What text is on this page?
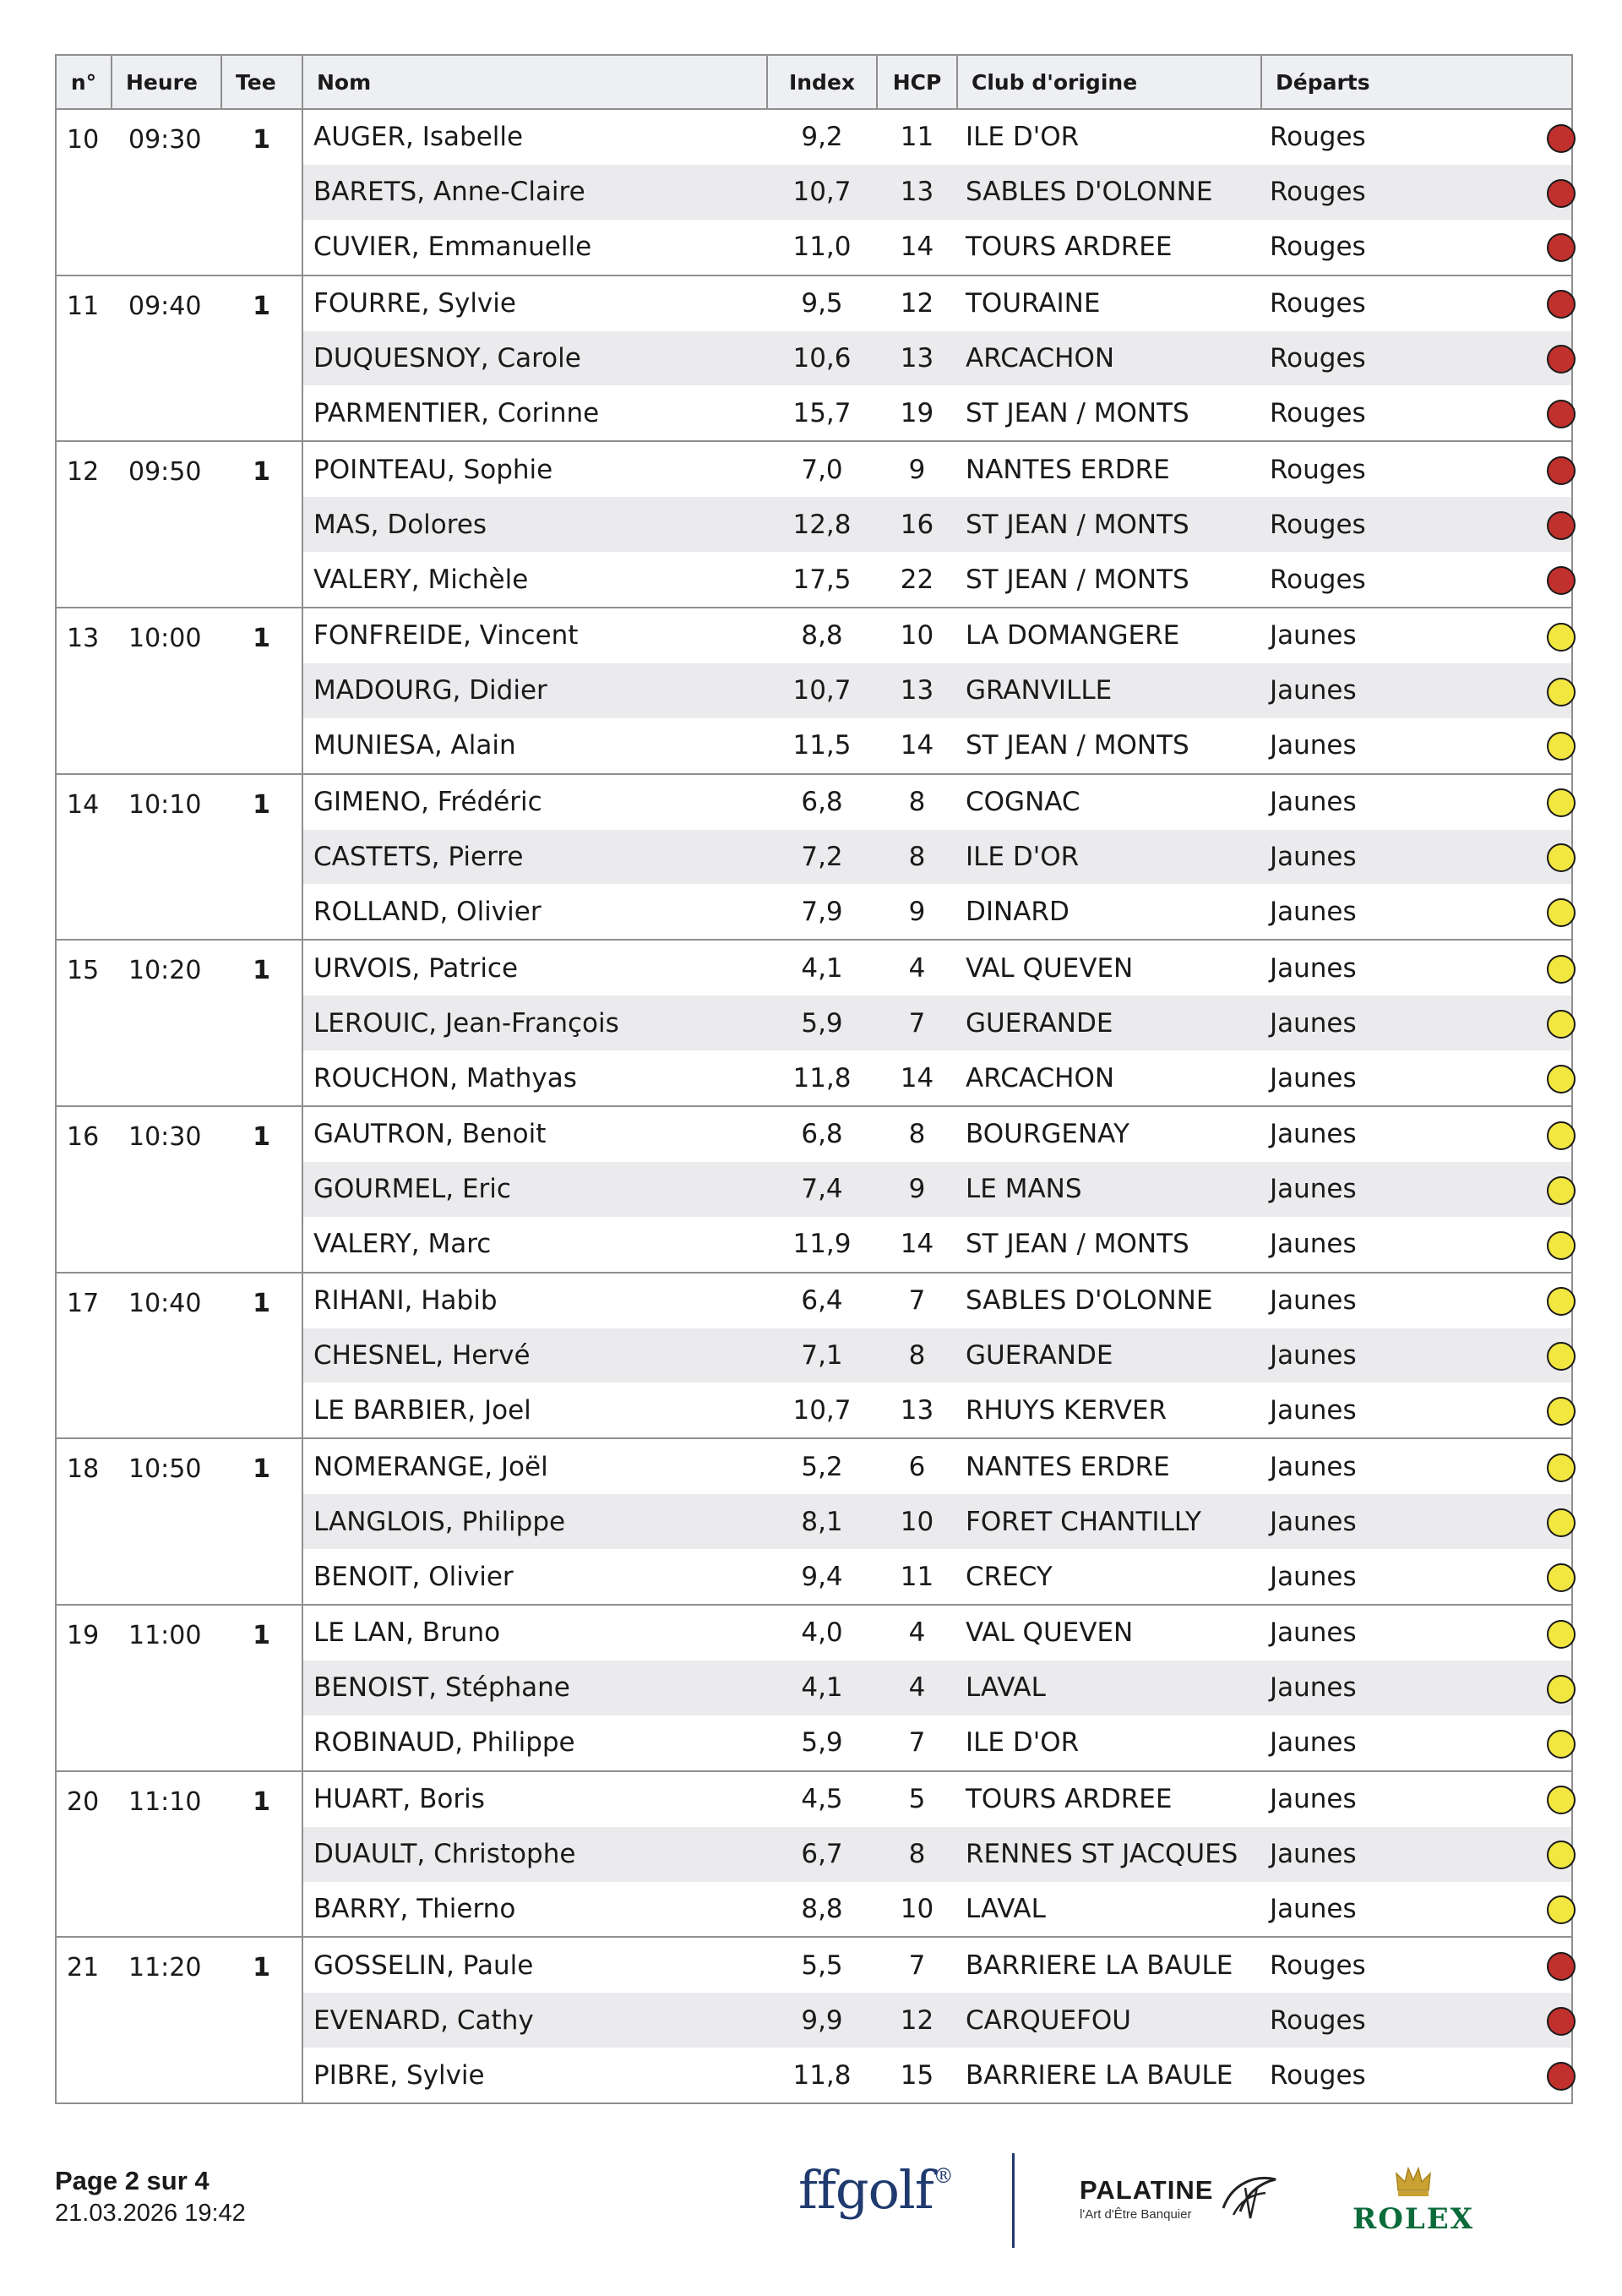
n°	Heure	Tee	Nom	Index	HCP	Club d'origine	Départs	
10	09:30	1	AUGER, Isabelle	9,2	11	ILE D'OR	Rouges	
			BARETS, Anne-Claire	10,7	13	SABLES D'OLONNE	Rouges	
			CUVIER, Emmanuelle	11,0	14	TOURS ARDREE	Rouges	
11	09:40	1	FOURRE, Sylvie	9,5	12	TOURAINE	Rouges	
			DUQUESNOY, Carole	10,6	13	ARCACHON	Rouges	
			PARMENTIER, Corinne	15,7	19	ST JEAN / MONTS	Rouges	
12	09:50	1	POINTEAU, Sophie	7,0	9	NANTES ERDRE	Rouges	
			MAS, Dolores	12,8	16	ST JEAN / MONTS	Rouges	
			VALERY, Michèle	17,5	22	ST JEAN / MONTS	Rouges	
13	10:00	1	FONFREIDE, Vincent	8,8	10	LA DOMANGERE	Jaunes	
			MADOURG, Didier	10,7	13	GRANVILLE	Jaunes	
			MUNIESA, Alain	11,5	14	ST JEAN / MONTS	Jaunes	
14	10:10	1	GIMENO, Frédéric	6,8	8	COGNAC	Jaunes	
			CASTETS, Pierre	7,2	8	ILE D'OR	Jaunes	
			ROLLAND, Olivier	7,9	9	DINARD	Jaunes	
15	10:20	1	URVOIS, Patrice	4,1	4	VAL QUEVEN	Jaunes	
			LEROUIC, Jean-François	5,9	7	GUERANDE	Jaunes	
			ROUCHON, Mathyas	11,8	14	ARCACHON	Jaunes	
16	10:30	1	GAUTRON, Benoit	6,8	8	BOURGENAY	Jaunes	
			GOURMEL, Eric	7,4	9	LE MANS	Jaunes	
			VALERY, Marc	11,9	14	ST JEAN / MONTS	Jaunes	
17	10:40	1	RIHANI, Habib	6,4	7	SABLES D'OLONNE	Jaunes	
			CHESNEL, Hervé	7,1	8	GUERANDE	Jaunes	
			LE BARBIER, Joel	10,7	13	RHUYS KERVER	Jaunes	
18	10:50	1	NOMERANGE, Joël	5,2	6	NANTES ERDRE	Jaunes	
			LANGLOIS, Philippe	8,1	10	FORET CHANTILLY	Jaunes	
			BENOIT, Olivier	9,4	11	CRECY	Jaunes	
19	11:00	1	LE LAN, Bruno	4,0	4	VAL QUEVEN	Jaunes	
			BENOIST, Stéphane	4,1	4	LAVAL	Jaunes	
			ROBINAUD, Philippe	5,9	7	ILE D'OR	Jaunes	
20	11:10	1	HUART, Boris	4,5	5	TOURS ARDREE	Jaunes	
			DUAULT, Christophe	6,7	8	RENNES ST JACQUES	Jaunes	
			BARRY, Thierno	8,8	10	LAVAL	Jaunes	
21	11:20	1	GOSSELIN, Paule	5,5	7	BARRIERE LA BAULE	Rouges	
			EVENARD, Cathy	9,9	12	CARQUEFOU	Rouges	
			PIBRE, Sylvie	11,8	15	BARRIERE LA BAULE	Rouges	
Page 2 sur 4
21.03.2026 19:42	ffgolf®	PALATINE
l'Art d'Être Banquier	ROLEX
